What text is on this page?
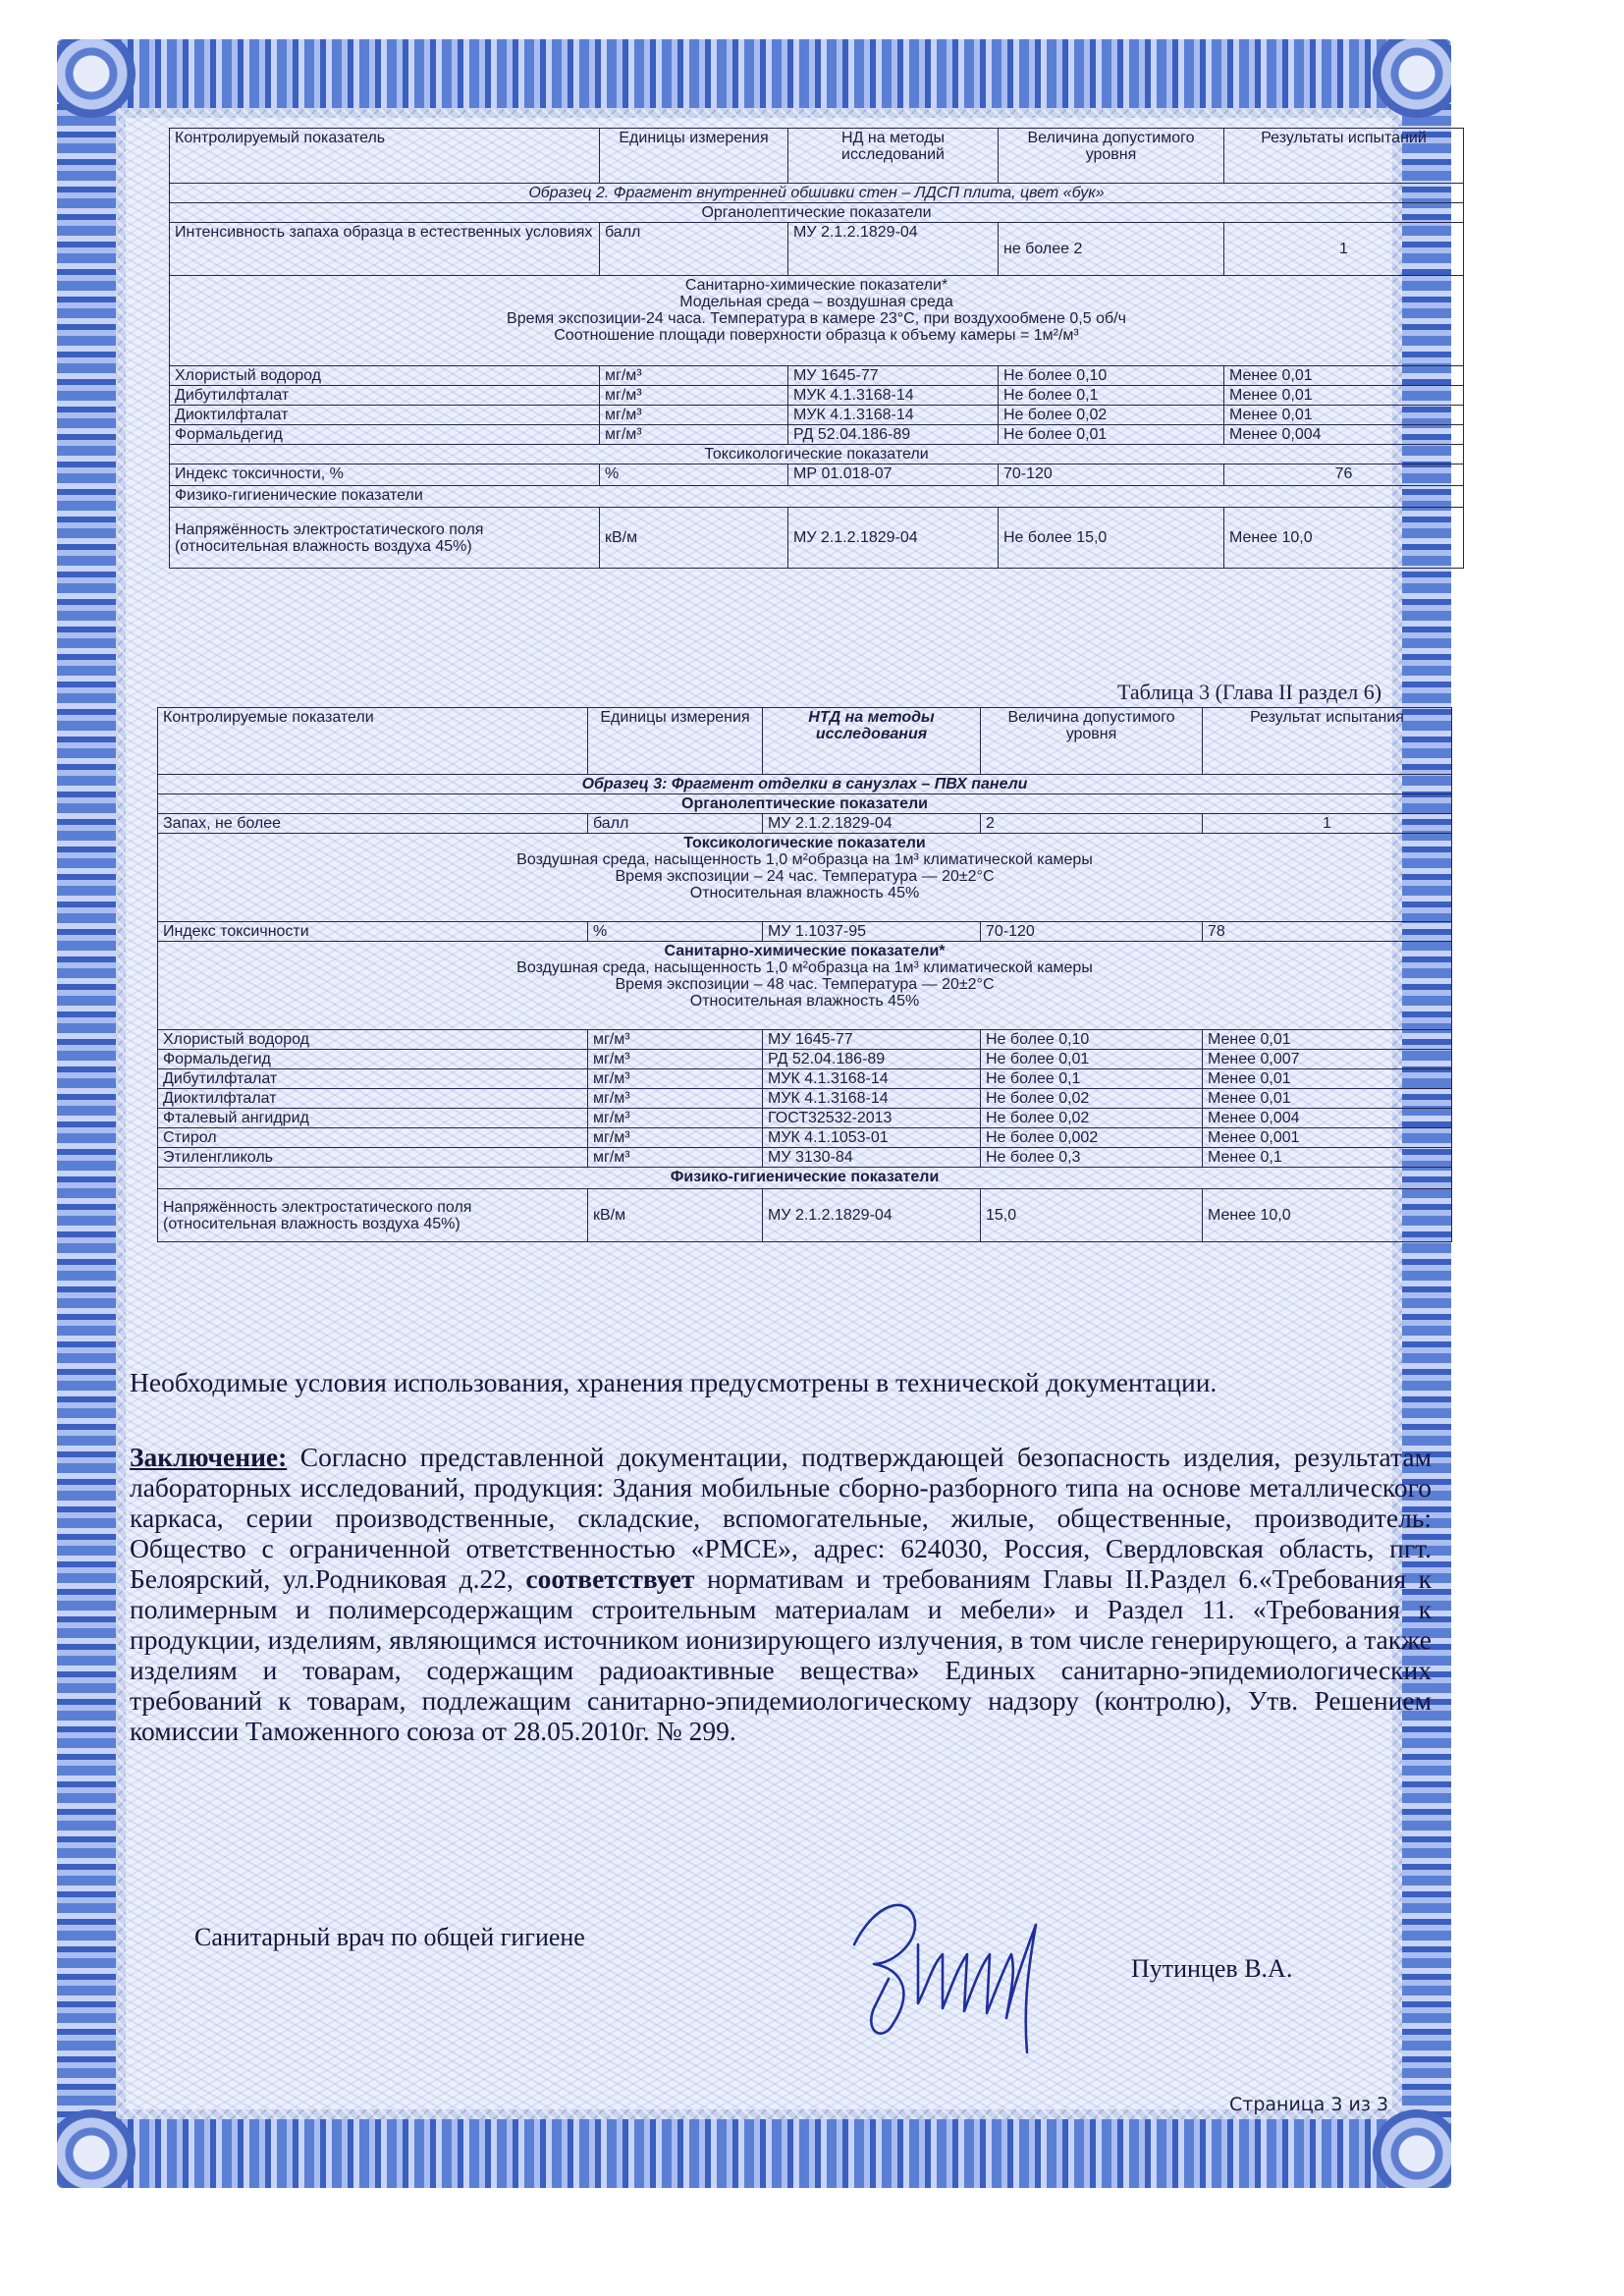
Контролируемый показатель	Единицы измерения	НД на методы исследований	Величина допустимого уровня	Результаты испытаний
Образец 2. Фрагмент внутренней обшивки стен – ЛДСП плита, цвет «бук»				
Органолептические показатели				
Интенсивность запаха образца в естественных условиях	балл	МУ 2.1.2.1829-04	не более 2	1

Санитарно-химические показатели*
Модельная среда – воздушная среда
Время экспозиции-24 часа. Температура в камере 23°С, при воздухообмене 0,5 об/ч
Соотношение площади поверхности образца к объему камеры = 1м²/м³				

Хлористый водород	мг/м³	МУ 1645-77	Не более 0,10	Менее 0,01
Дибутилфталат	мг/м³	МУК 4.1.3168-14	Не более 0,1	Менее 0,01
Диоктилфталат	мг/м³	МУК 4.1.3168-14	Не более 0,02	Менее 0,01
Формальдегид	мг/м³	РД 52.04.186-89	Не более 0,01	Менее 0,004
Токсикологические показатели				
Индекс токсичности, %	%	МР 01.018-07	70-120	76
Физико-гигиенические показатели				
Напряжённость электростатического поля (относительная влажность воздуха 45%)	кВ/м	МУ 2.1.2.1829-04	Не более 15,0	Менее 10,0
Таблица 3 (Глава II раздел 6)
Контролируемые показатели	Единицы измерения	НТД на методы исследования	Величина допустимого уровня	Результат испытания
Образец 3: Фрагмент отделки в санузлах – ПВХ панели				
Органолептические показатели				
Запах, не более	балл	МУ 2.1.2.1829-04	2	1

Токсикологические показатели
Воздушная среда, насыщенность 1,0 м²образца на 1м³ климатической камеры
Время экспозиции – 24 час. Температура — 20±2°С
Относительная влажность 45%				

Индекс токсичности	%	МУ 1.1037-95	70-120	78

Санитарно-химические показатели*
Воздушная среда, насыщенность 1,0 м²образца на 1м³ климатической камеры
Время экспозиции – 48 час. Температура — 20±2°С
Относительная влажность 45%				

Хлористый водород	мг/м³	МУ 1645-77	Не более 0,10	Менее 0,01
Формальдегид	мг/м³	РД 52.04.186-89	Не более 0,01	Менее 0,007
Дибутилфталат	мг/м³	МУК 4.1.3168-14	Не более 0,1	Менее 0,01
Диоктилфталат	мг/м³	МУК 4.1.3168-14	Не более 0,02	Менее 0,01
Фталевый ангидрид	мг/м³	ГОСТ32532-2013	Не более 0,02	Менее 0,004
Стирол	мг/м³	МУК 4.1.1053-01	Не более 0,002	Менее 0,001
Этиленгликоль	мг/м³	МУ 3130-84	Не более 0,3	Менее 0,1
Физико-гигиенические показатели				
Напряжённость электростатического поля (относительная влажность воздуха 45%)	кВ/м	МУ 2.1.2.1829-04	15,0	Менее 10,0

Необходимые условия использования, хранения предусмотрены в технической документации.

Заключение: Согласно представленной документации, подтверждающей безопасность изделия, результатам лабораторных исследований, продукция: Здания мобильные сборно-разборного типа на основе металлического каркаса, серии производственные, складские, вспомогательные, жилые, общественные, производитель: Общество с ограниченной ответственностью «РМСЕ», адрес: 624030, Россия, Свердловская область, пгт. Белоярский, ул.Родниковая д.22, соответствует нормативам и требованиям Главы II.Раздел 6.«Требования к полимерным и полимерсодержащим строительным материалам и мебели» и Раздел 11. «Требования к продукции, изделиям, являющимся источником ионизирующего излучения, в том числе генерирующего, а также изделиям и товарам, содержащим радиоактивные вещества» Единых санитарно-эпидемиологических требований к товарам, подлежащим санитарно-эпидемиологическому надзору (контролю), Утв. Решением комиссии Таможенного союза от 28.05.2010г. № 299.

Санитарный врач по общей гигиене
Путинцев В.А.
Страница 3 из 3
